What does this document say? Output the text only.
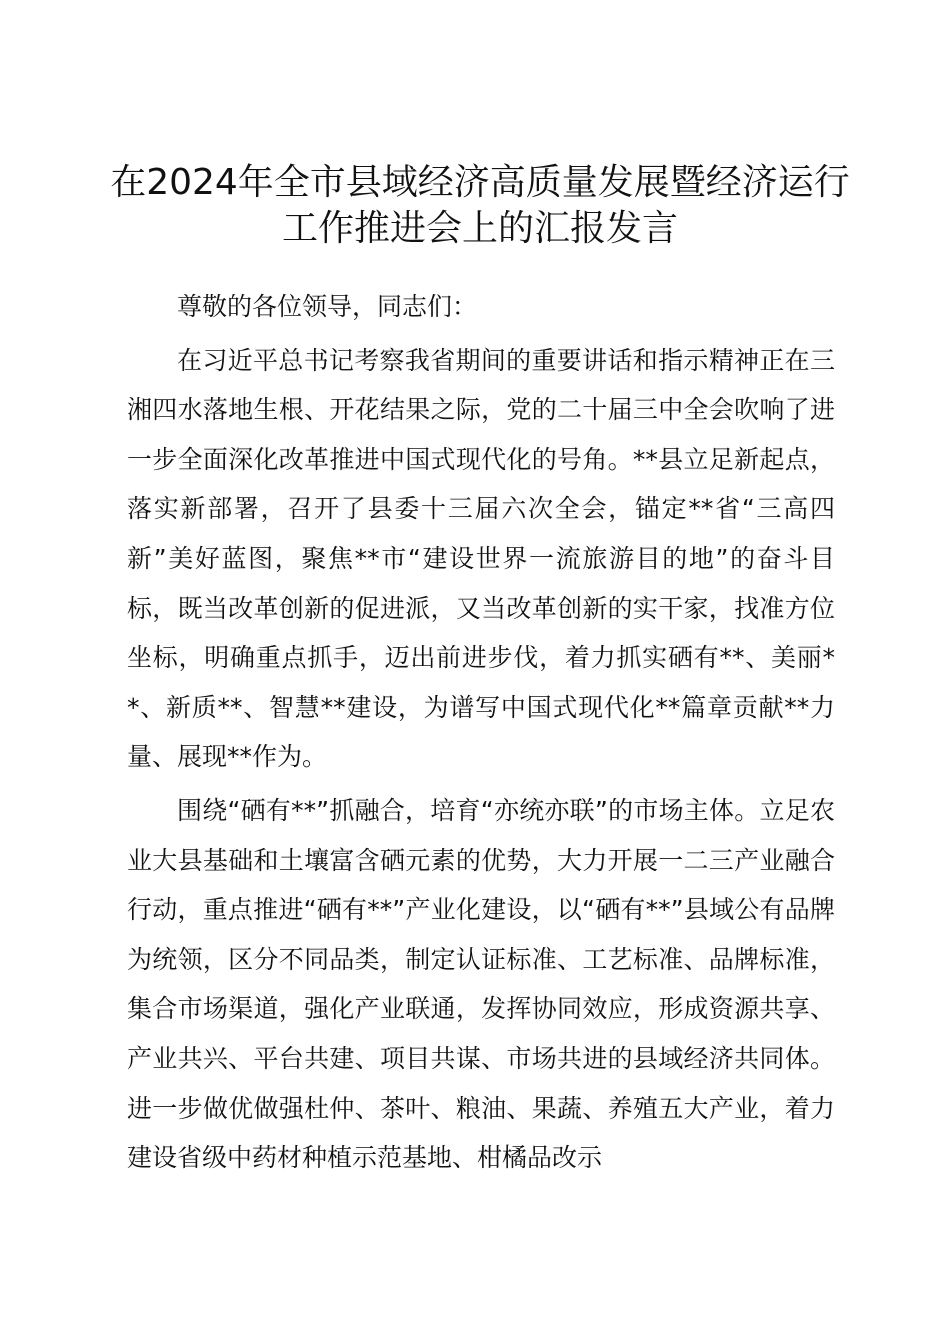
在2024年全市县域经济高质量发展暨经济运行工作推进会上的汇报发言

尊敬的各位领导，同志们：

在习近平总书记考察我省期间的重要讲话和指示精神正在三湘四水落地生根、开花结果之际，党的二十届三中全会吹响了进一步全面深化改革推进中国式现代化的号角。**县立足新起点，落实新部署，召开了县委十三届六次全会，锚定**省“三高四新”美好蓝图，聚焦**市“建设世界一流旅游目的地”的奋斗目标，既当改革创新的促进派，又当改革创新的实干家，找准方位坐标，明确重点抓手，迈出前进步伐，着力抓实硒有**、美丽**、新质**、智慧**建设，为谱写中国式现代化**篇章贡献**力量、展现**作为。

围绕“硒有**”抓融合，培育“亦统亦联”的市场主体。立足农业大县基础和土壤富含硒元素的优势，大力开展一二三产业融合行动，重点推进“硒有**”产业化建设，以“硒有**”县域公有品牌为统领，区分不同品类，制定认证标准、工艺标准、品牌标准，集合市场渠道，强化产业联通，发挥协同效应，形成资源共享、产业共兴、平台共建、项目共谋、市场共进的县域经济共同体。进一步做优做强杜仲、茶叶、粮油、果蔬、养殖五大产业，着力建设省级中药材种植示范基地、柑橘品改示
